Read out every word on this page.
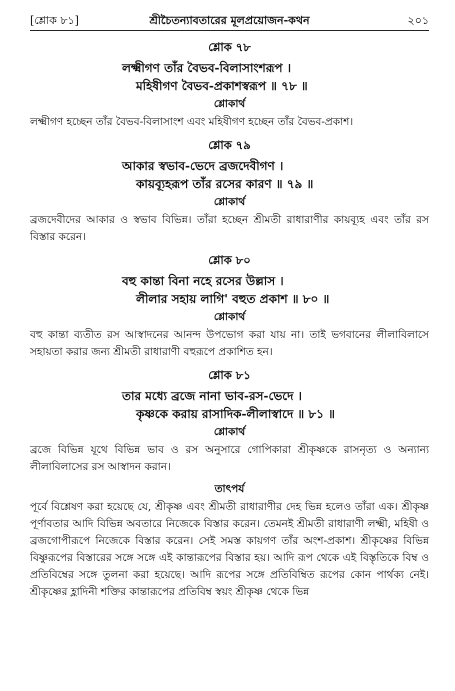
[শ্লোক ৮১]	শ্রীচৈতন্যাবতারের মূলপ্রয়োজন-কথন	২০১
শ্লোক ৭৮
লক্ষ্মীগণ তাঁর বৈভব-বিলাসাংশরূপ ।
মহিষীগণ বৈভব-প্রকাশস্বরূপ ॥ ৭৮ ॥
শ্লোকার্থ
লক্ষ্মীগণ হচ্ছেন তাঁর বৈভব-বিলাসাংশ এবং মহিষীগণ হচ্ছেন তাঁর বৈভব-প্রকাশ।
শ্লোক ৭৯
আকার স্বভাব-ভেদে ব্রজদেবীগণ ।
কায়ব্যূহরূপ তাঁর রসের কারণ ॥ ৭৯ ॥
শ্লোকার্থ
ব্রজদেবীদের আকার ও স্বভাব বিভিন্ন। তাঁরা হচ্ছেন শ্রীমতী রাধারাণীর কায়ব্যূহ এবং তাঁর রস বিস্তার করেন।
শ্লোক ৮০
বহু কান্তা বিনা নহে রসের উল্লাস ।
লীলার সহায় লাগি' বহুত প্রকাশ ॥ ৮০ ॥
শ্লোকার্থ
বহু কান্তা ব্যতীত রস আস্বাদনের আনন্দ উপভোগ করা যায় না। তাই ভগবানের লীলাবিলাসে সহায়তা করার জন্য শ্রীমতী রাধারাণী বহুরূপে প্রকাশিত হন।
শ্লোক ৮১
তার মধ্যে ব্রজে নানা ভাব-রস-ভেদে ।
কৃষ্ণকে করায় রাসাদিক-লীলাস্বাদে ॥ ৮১ ॥
শ্লোকার্থ
ব্রজে বিভিন্ন যূথে বিভিন্ন ভাব ও রস অনুসারে গোপিকারা শ্রীকৃষ্ণকে রাসনৃত্য ও অন্যান্য লীলাবিলাসের রস আস্বাদন করান।
তাৎপর্য
পূর্বে বিশ্লেষণ করা হয়েছে যে, শ্রীকৃষ্ণ এবং শ্রীমতী রাধারাণীর দেহ ভিন্ন হলেও তাঁরা এক। শ্রীকৃষ্ণ পূর্ণাবতার আদি বিভিন্ন অবতারে নিজেকে বিস্তার করেন। তেমনই শ্রীমতী রাধারাণী লক্ষ্মী, মহিষী ও ব্রজগোপীরূপে নিজেকে বিস্তার করেন। সেই সমস্ত কায়গণ তাঁর অংশ-প্রকাশ। শ্রীকৃষ্ণের বিভিন্ন বিষ্ণুরূপের বিস্তারের সঙ্গে সঙ্গে এই কান্তারূপের বিস্তার হয়। আদি রূপ থেকে এই বিস্তৃতিকে বিম্ব ও প্রতিবিম্বের সঙ্গে তুলনা করা হয়েছে। আদি রূপের সঙ্গে প্রতিবিম্বিত রূপের কোন পার্থক্য নেই। শ্রীকৃষ্ণের হ্লাদিনী শক্তির কান্তারূপের প্রতিবিম্ব স্বয়ং শ্রীকৃষ্ণ থেকে ভিন্ন
